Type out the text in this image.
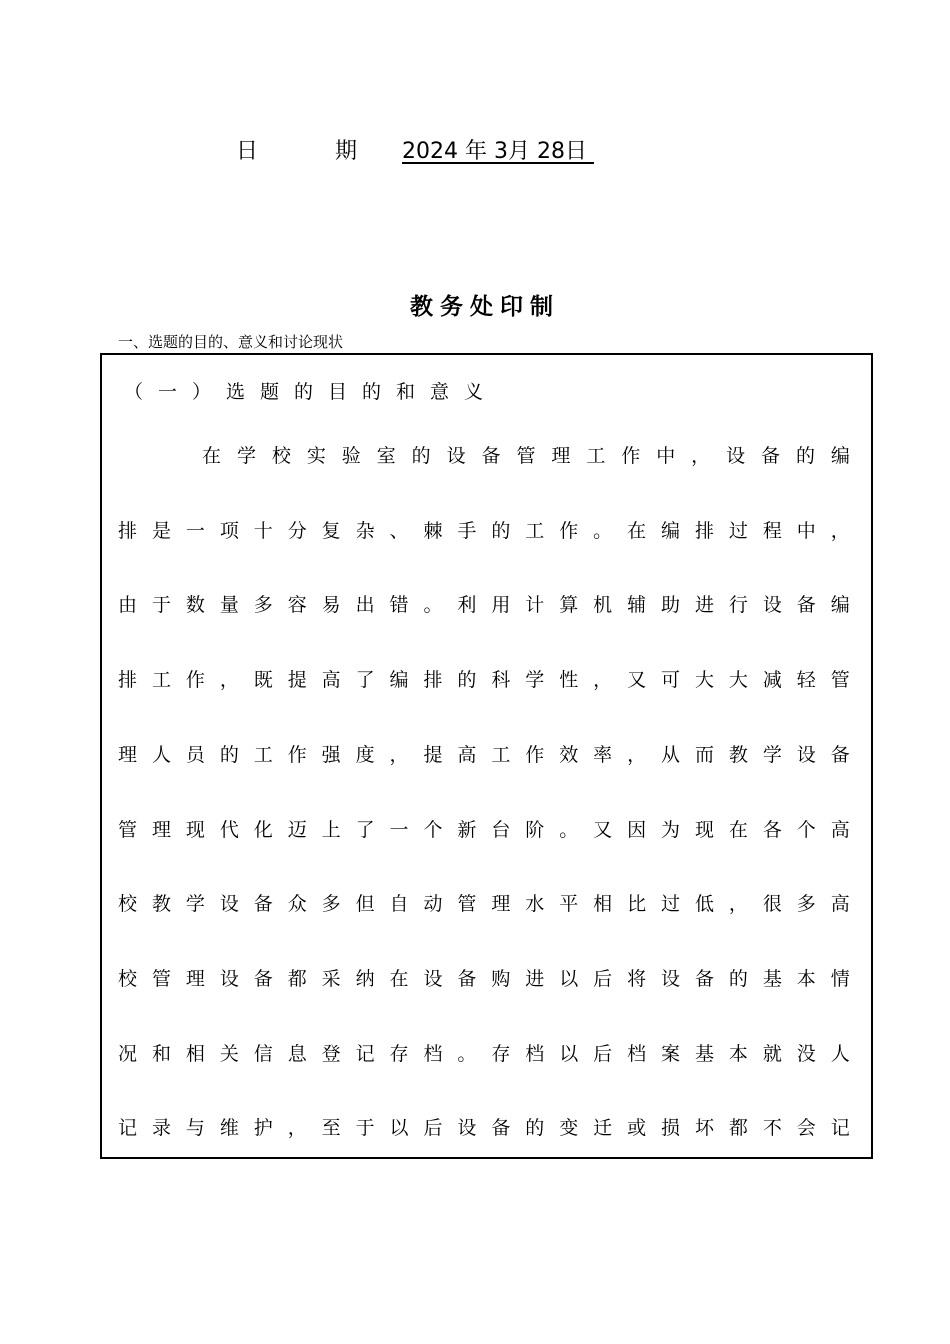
日	期 2024 年 3月 28日
教务处印制
一、选题的目的、意义和讨论现状
（一）选题的目的和意义
在 学 校 实 验 室 的 设 备 管 理 工 作 中 ， 设 备 的 编
排 是 一 项 十 分 复 杂 、 棘 手 的 工 作 。 在 编 排 过 程 中 ，
由 于 数 量 多 容 易 出 错 。 利 用 计 算 机 辅 助 进 行 设 备 编
排 工 作 ， 既 提 高 了 编 排 的 科 学 性 ， 又 可 大 大 减 轻 管
理 人 员 的 工 作 强 度 ， 提 高 工 作 效 率 ， 从 而 教 学 设 备
管 理 现 代 化 迈 上 了 一 个 新 台 阶 。 又 因 为 现 在 各 个 高
校 教 学 设 备 众 多 但 自 动 管 理 水 平 相 比 过 低 ， 很 多 高
校 管 理 设 备 都 采 纳 在 设 备 购 进 以 后 将 设 备 的 基 本 情
况 和 相 关 信 息 登 记 存 档 。 存 档 以 后 档 案 基 本 就 没 人
记 录 与 维 护 ， 至 于 以 后 设 备 的 变 迁 或 损 坏 都 不 会 记
